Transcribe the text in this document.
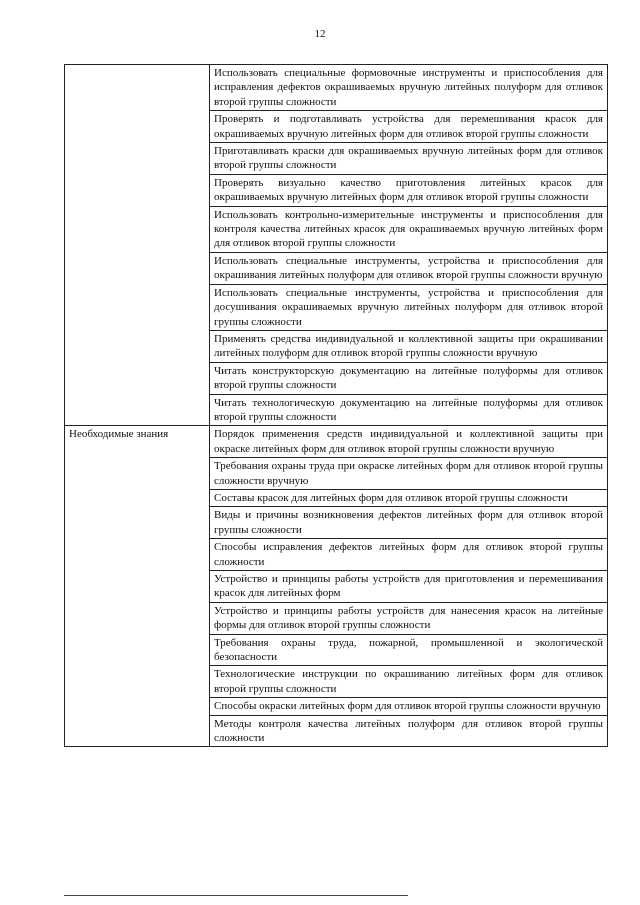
12
	Использовать специальные формовочные инструменты и приспособления для исправления дефектов окрашиваемых вручную литейных полуформ для отливок второй группы сложности
	Проверять и подготавливать устройства для перемешивания красок для окрашиваемых вручную литейных форм для отливок второй группы сложности
	Приготавливать краски для окрашиваемых вручную литейных форм для отливок второй группы сложности
	Проверять визуально качество приготовления литейных красок для окрашиваемых вручную литейных форм для отливок второй группы сложности
	Использовать контрольно-измерительные инструменты и приспособления для контроля качества литейных красок для окрашиваемых вручную литейных форм для отливок второй группы сложности
	Использовать специальные инструменты, устройства и приспособления для окрашивания литейных полуформ для отливок второй группы сложности вручную
	Использовать специальные инструменты, устройства и приспособления для досушивания окрашиваемых вручную литейных полуформ для отливок второй группы сложности
	Применять средства индивидуальной и коллективной защиты при окрашивании литейных полуформ для отливок второй группы сложности вручную
	Читать конструкторскую документацию на литейные полуформы для отливок второй группы сложности
	Читать технологическую документацию на литейные полуформы для отливок второй группы сложности
Необходимые знания	Порядок применения средств индивидуальной и коллективной защиты при окраске литейных форм для отливок второй группы сложности вручную
	Требования охраны труда при окраске литейных форм для отливок второй группы сложности вручную
	Составы красок для литейных форм для отливок второй группы сложности
	Виды и причины возникновения дефектов литейных форм для отливок второй группы сложности
	Способы исправления дефектов литейных форм для отливок второй группы сложности
	Устройство и принципы работы устройств для приготовления и перемешивания красок для литейных форм
	Устройство и принципы работы устройств для нанесения красок на литейные формы для отливок второй группы сложности
	Требования охраны труда, пожарной, промышленной и экологической безопасности
	Технологические инструкции по окрашиванию литейных форм для отливок второй группы сложности
	Способы окраски литейных форм для отливок второй группы сложности вручную
	Методы контроля качества литейных полуформ для отливок второй группы сложности
